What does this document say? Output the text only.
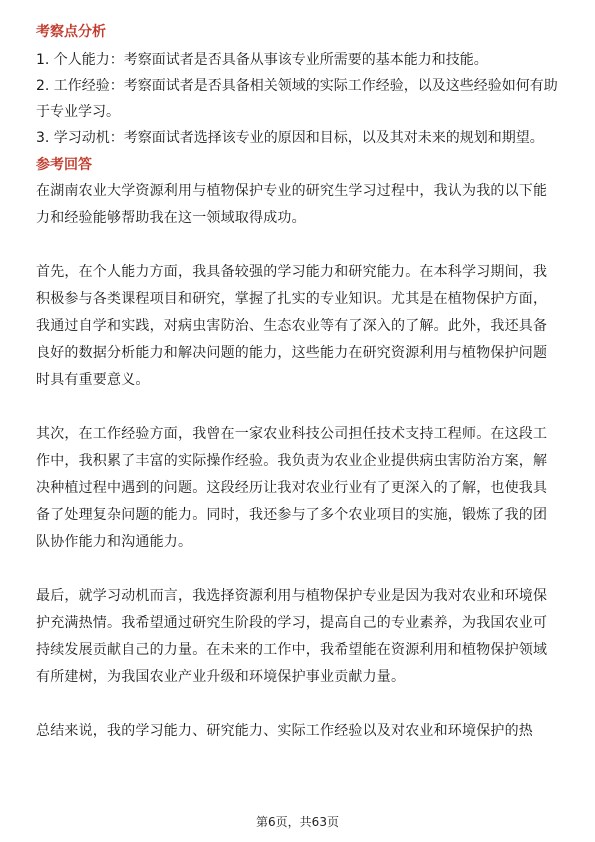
考察点分析

1. 个人能力：考察面试者是否具备从事该专业所需要的基本能力和技能。

2. 工作经验：考察面试者是否具备相关领域的实际工作经验，以及这些经验如何有助于专业学习。

3. 学习动机：考察面试者选择该专业的原因和目标，以及其对未来的规划和期望。

参考回答

在湖南农业大学资源利用与植物保护专业的研究生学习过程中，我认为我的以下能力和经验能够帮助我在这一领域取得成功。

首先，在个人能力方面，我具备较强的学习能力和研究能力。在本科学习期间，我积极参与各类课程项目和研究，掌握了扎实的专业知识。尤其是在植物保护方面，我通过自学和实践，对病虫害防治、生态农业等有了深入的了解。此外，我还具备良好的数据分析能力和解决问题的能力，这些能力在研究资源利用与植物保护问题时具有重要意义。

其次，在工作经验方面，我曾在一家农业科技公司担任技术支持工程师。在这段工作中，我积累了丰富的实际操作经验。我负责为农业企业提供病虫害防治方案，解决种植过程中遇到的问题。这段经历让我对农业行业有了更深入的了解，也使我具备了处理复杂问题的能力。同时，我还参与了多个农业项目的实施，锻炼了我的团队协作能力和沟通能力。

最后，就学习动机而言，我选择资源利用与植物保护专业是因为我对农业和环境保护充满热情。我希望通过研究生阶段的学习，提高自己的专业素养，为我国农业可持续发展贡献自己的力量。在未来的工作中，我希望能在资源利用和植物保护领域有所建树，为我国农业产业升级和环境保护事业贡献力量。

总结来说，我的学习能力、研究能力、实际工作经验以及对农业和环境保护的热

第6页，共63页
